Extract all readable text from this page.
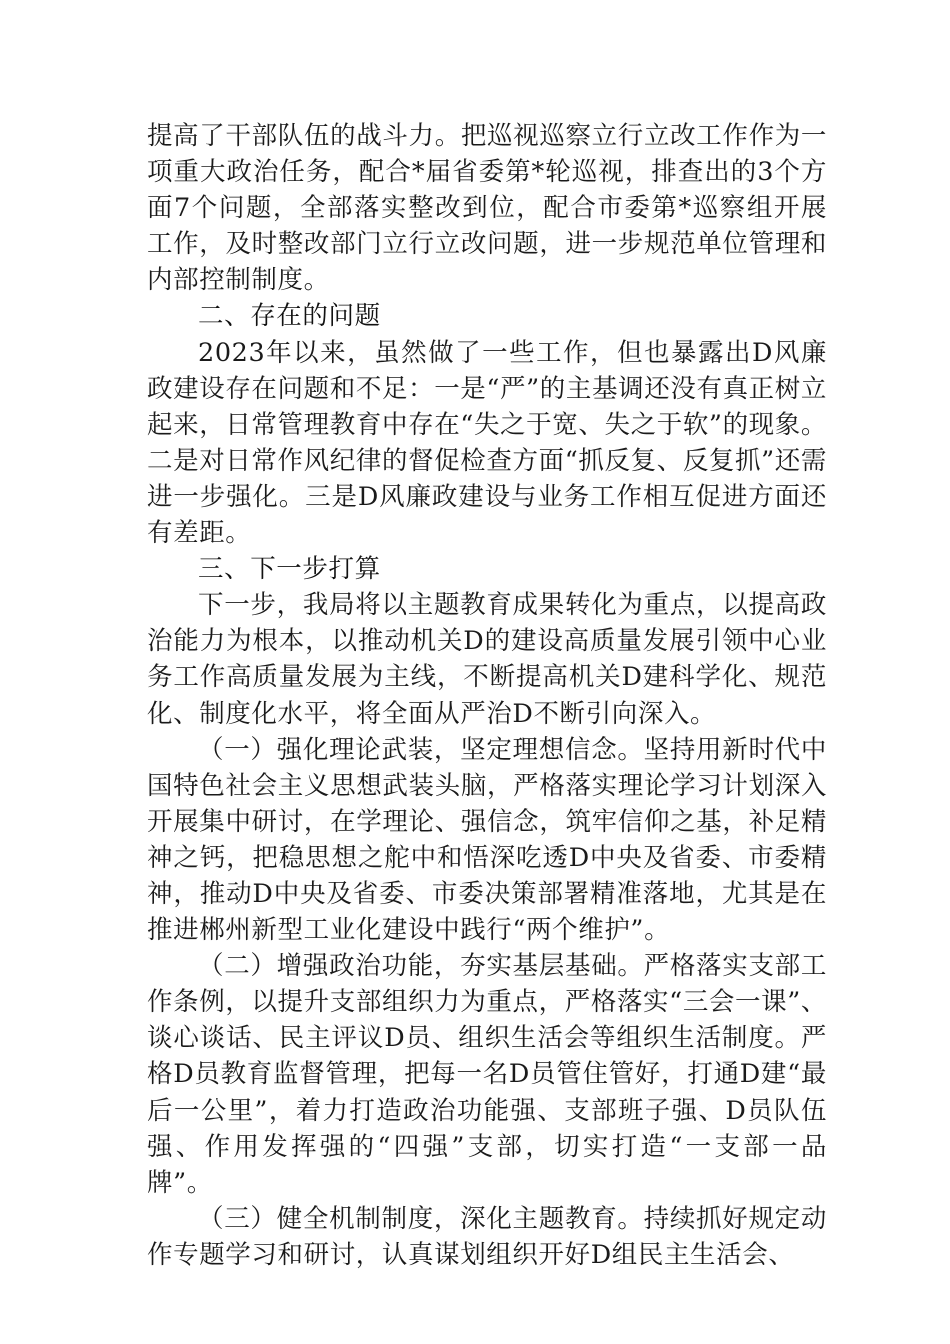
提高了干部队伍的战斗力。把巡视巡察立行立改工作作为一项重大政治任务，配合*届省委第*轮巡视，排查出的3个方面7个问题，全部落实整改到位，配合市委第*巡察组开展工作，及时整改部门立行立改问题，进一步规范单位管理和内部控制制度。

二、存在的问题

2023年以来，虽然做了一些工作，但也暴露出D风廉政建设存在问题和不足：一是“严”的主基调还没有真正树立起来，日常管理教育中存在“失之于宽、失之于软”的现象。二是对日常作风纪律的督促检查方面“抓反复、反复抓”还需进一步强化。三是D风廉政建设与业务工作相互促进方面还有差距。

三、下一步打算

下一步，我局将以主题教育成果转化为重点，以提高政治能力为根本，以推动机关D的建设高质量发展引领中心业务工作高质量发展为主线，不断提高机关D建科学化、规范化、制度化水平，将全面从严治D不断引向深入。

（一）强化理论武装，坚定理想信念。坚持用新时代中国特色社会主义思想武装头脑，严格落实理论学习计划深入开展集中研讨，在学理论、强信念，筑牢信仰之基，补足精神之钙，把稳思想之舵中和悟深吃透D中央及省委、市委精神，推动D中央及省委、市委决策部署精准落地，尤其是在推进郴州新型工业化建设中践行“两个维护”。

（二）增强政治功能，夯实基层基础。严格落实支部工作条例，以提升支部组织力为重点，严格落实“三会一课”、谈心谈话、民主评议D员、组织生活会等组织生活制度。严格D员教育监督管理，把每一名D员管住管好，打通D建“最后一公里”，着力打造政治功能强、支部班子强、D员队伍强、作用发挥强的“四强”支部，切实打造“一支部一品牌”。

（三）健全机制制度，深化主题教育。持续抓好规定动作专题学习和研讨，认真谋划组织开好D组民主生活会、
